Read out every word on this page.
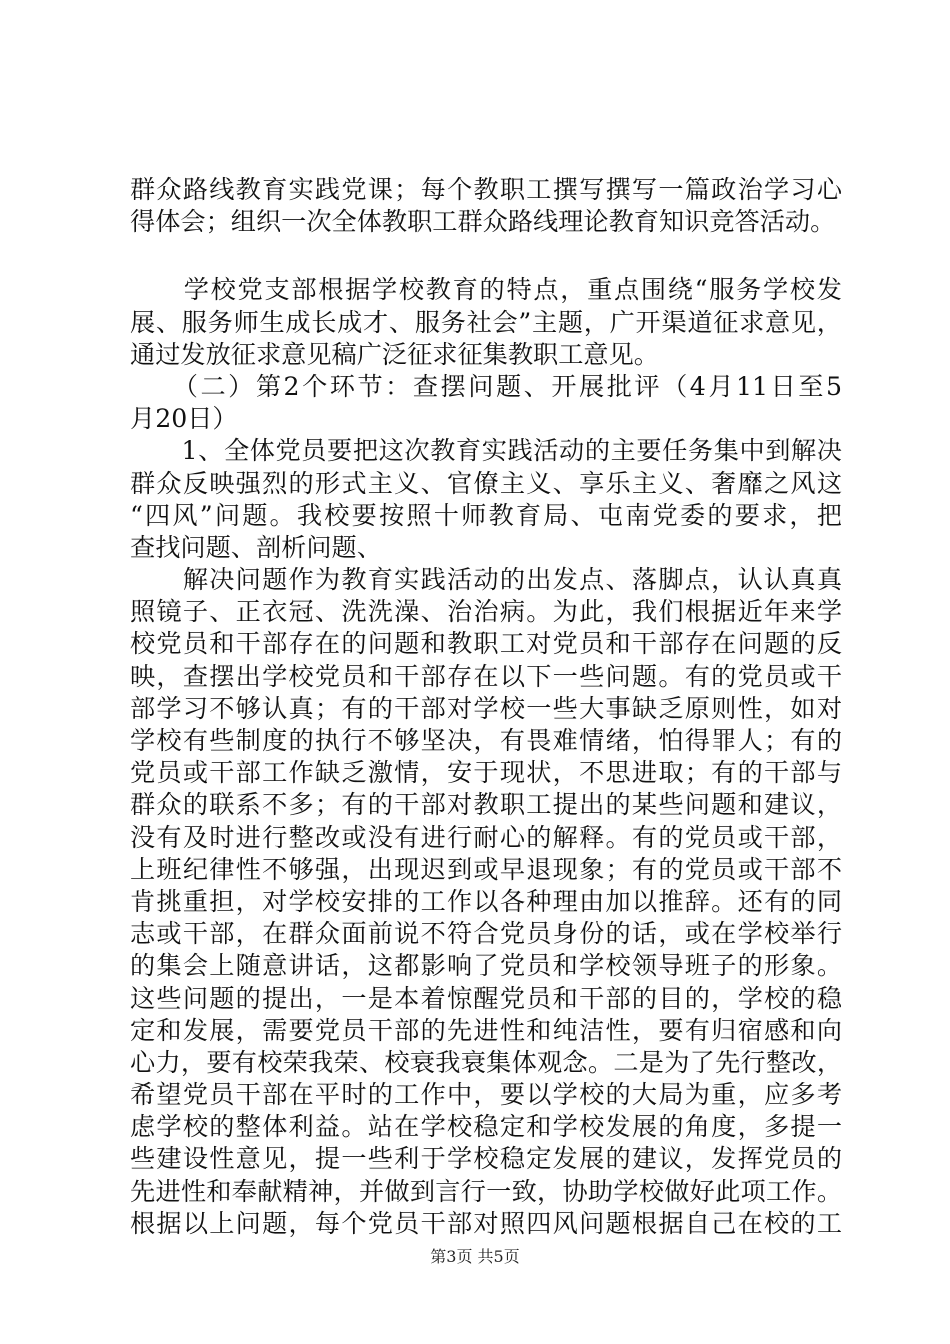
群众路线教育实践党课；每个教职工撰写撰写一篇政治学习心
得体会；组织一次全体教职工群众路线理论教育知识竞答活动。
　　学校党支部根据学校教育的特点，重点围绕“服务学校发
展、服务师生成长成才、服务社会”主题，广开渠道征求意见，
通过发放征求意见稿广泛征求征集教职工意见。
　　（二）第2个环节：查摆问题、开展批评（4月11日至5
月20日）
　　1、全体党员要把这次教育实践活动的主要任务集中到解决
群众反映强烈的形式主义、官僚主义、享乐主义、奢靡之风这
“四风”问题。我校要按照十师教育局、屯南党委的要求，把
查找问题、剖析问题、
　　解决问题作为教育实践活动的出发点、落脚点，认认真真
照镜子、正衣冠、洗洗澡、治治病。为此，我们根据近年来学
校党员和干部存在的问题和教职工对党员和干部存在问题的反
映，查摆出学校党员和干部存在以下一些问题。有的党员或干
部学习不够认真；有的干部对学校一些大事缺乏原则性，如对
学校有些制度的执行不够坚决，有畏难情绪，怕得罪人；有的
党员或干部工作缺乏激情，安于现状，不思进取；有的干部与
群众的联系不多；有的干部对教职工提出的某些问题和建议，
没有及时进行整改或没有进行耐心的解释。有的党员或干部，
上班纪律性不够强，出现迟到或早退现象；有的党员或干部不
肯挑重担，对学校安排的工作以各种理由加以推辞。还有的同
志或干部，在群众面前说不符合党员身份的话，或在学校举行
的集会上随意讲话，这都影响了党员和学校领导班子的形象。
这些问题的提出，一是本着惊醒党员和干部的目的，学校的稳
定和发展，需要党员干部的先进性和纯洁性，要有归宿感和向
心力，要有校荣我荣、校衰我衰集体观念。二是为了先行整改，
希望党员干部在平时的工作中，要以学校的大局为重，应多考
虑学校的整体利益。站在学校稳定和学校发展的角度，多提一
些建设性意见，提一些利于学校稳定发展的建议，发挥党员的
先进性和奉献精神，并做到言行一致，协助学校做好此项工作。
根据以上问题，每个党员干部对照四风问题根据自己在校的工
第3页 共5页
